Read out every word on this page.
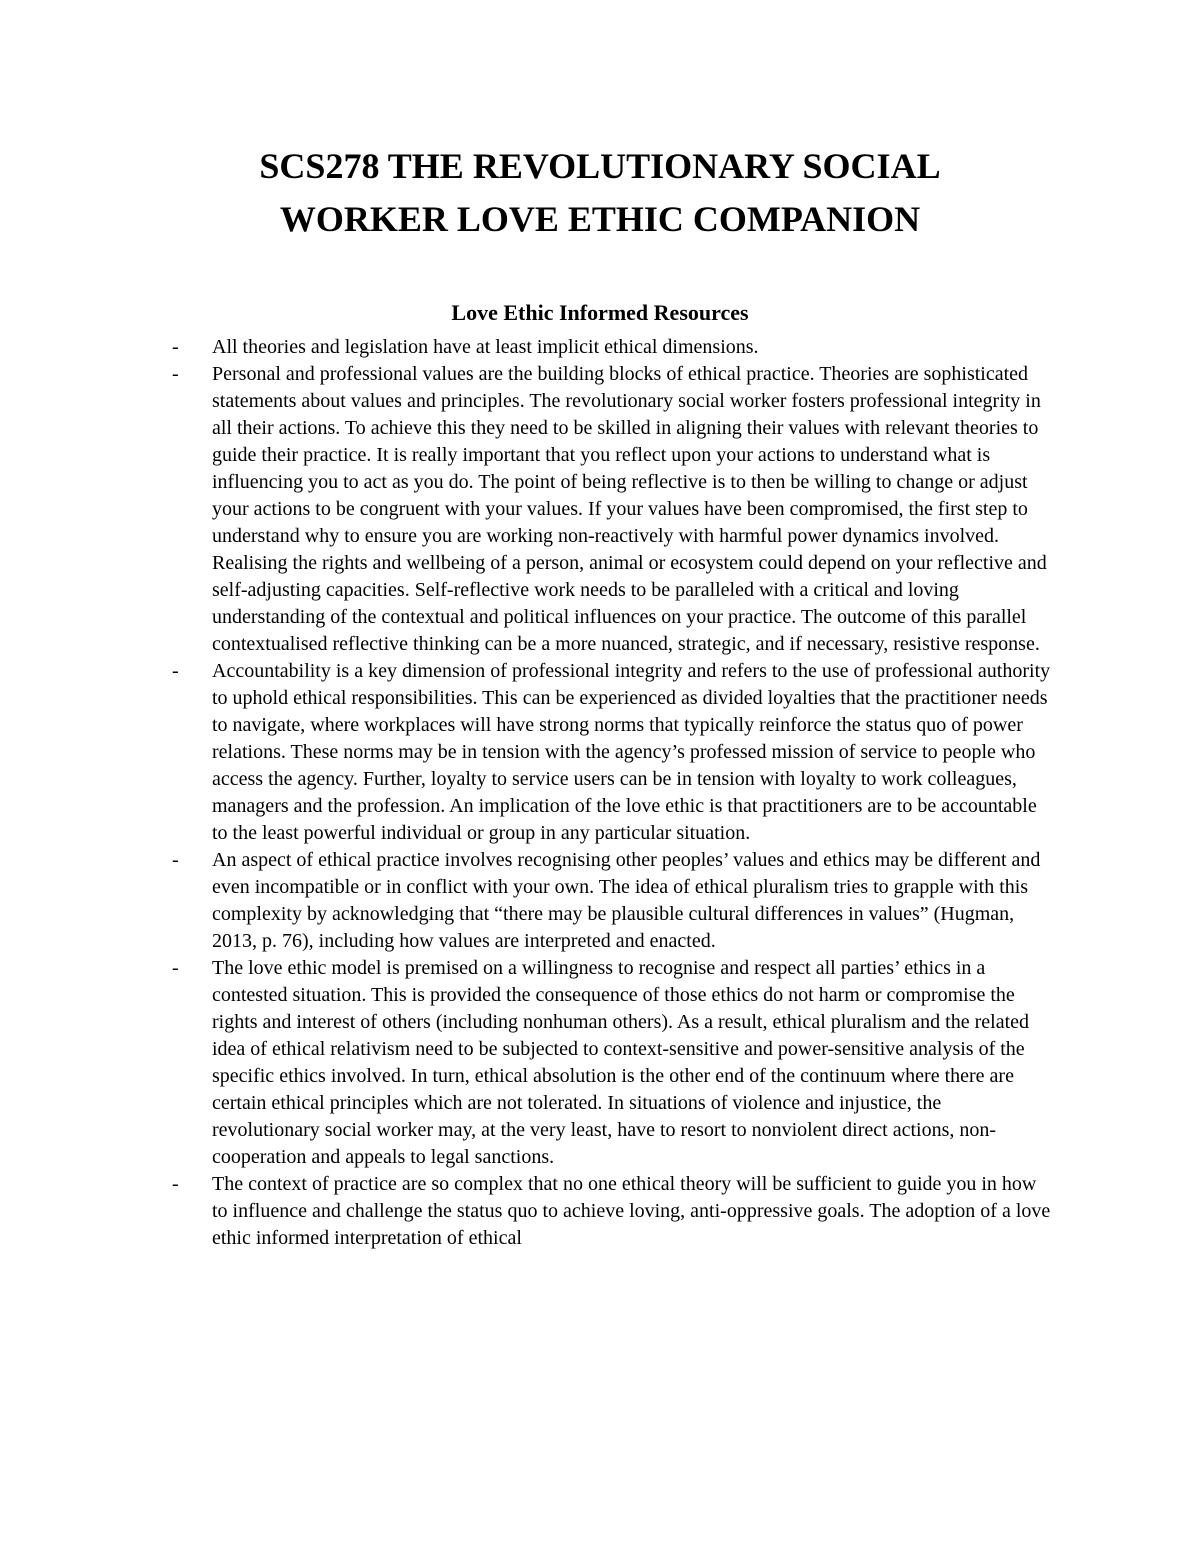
SCS278 THE REVOLUTIONARY SOCIAL
WORKER LOVE ETHIC COMPANION
Love Ethic Informed Resources
-	All theories and legislation have at least implicit ethical dimensions.
-	Personal and professional values are the building blocks of ethical practice. Theories are sophisticated statements about values and principles. The revolutionary social worker fosters professional integrity in all their actions. To achieve this they need to be skilled in aligning their values with relevant theories to guide their practice. It is really important that you reflect upon your actions to understand what is influencing you to act as you do. The point of being reflective is to then be willing to change or adjust your actions to be congruent with your values. If your values have been compromised, the first step to understand why to ensure you are working non-reactively with harmful power dynamics involved. Realising the rights and wellbeing of a person, animal or ecosystem could depend on your reflective and self-adjusting capacities. Self-reflective work needs to be paralleled with a critical and loving understanding of the contextual and political influences on your practice. The outcome of this parallel contextualised reflective thinking can be a more nuanced, strategic, and if necessary, resistive response.
-	Accountability is a key dimension of professional integrity and refers to the use of professional authority to uphold ethical responsibilities. This can be experienced as divided loyalties that the practitioner needs to navigate, where workplaces will have strong norms that typically reinforce the status quo of power relations. These norms may be in tension with the agency’s professed mission of service to people who access the agency. Further, loyalty to service users can be in tension with loyalty to work colleagues, managers and the profession. An implication of the love ethic is that practitioners are to be accountable to the least powerful individual or group in any particular situation.
-	An aspect of ethical practice involves recognising other peoples’ values and ethics may be different and even incompatible or in conflict with your own. The idea of ethical pluralism tries to grapple with this complexity by acknowledging that “there may be plausible cultural differences in values” (Hugman, 2013, p. 76), including how values are interpreted and enacted.
-	The love ethic model is premised on a willingness to recognise and respect all parties’ ethics in a contested situation. This is provided the consequence of those ethics do not harm or compromise the rights and interest of others (including nonhuman others). As a result, ethical pluralism and the related idea of ethical relativism need to be subjected to context-sensitive and power-sensitive analysis of the specific ethics involved. In turn, ethical absolution is the other end of the continuum where there are certain ethical principles which are not tolerated. In situations of violence and injustice, the revolutionary social worker may, at the very least, have to resort to nonviolent direct actions, non-cooperation and appeals to legal sanctions.
-	The context of practice are so complex that no one ethical theory will be sufficient to guide you in how to influence and challenge the status quo to achieve loving, anti-oppressive goals. The adoption of a love ethic informed interpretation of ethical
